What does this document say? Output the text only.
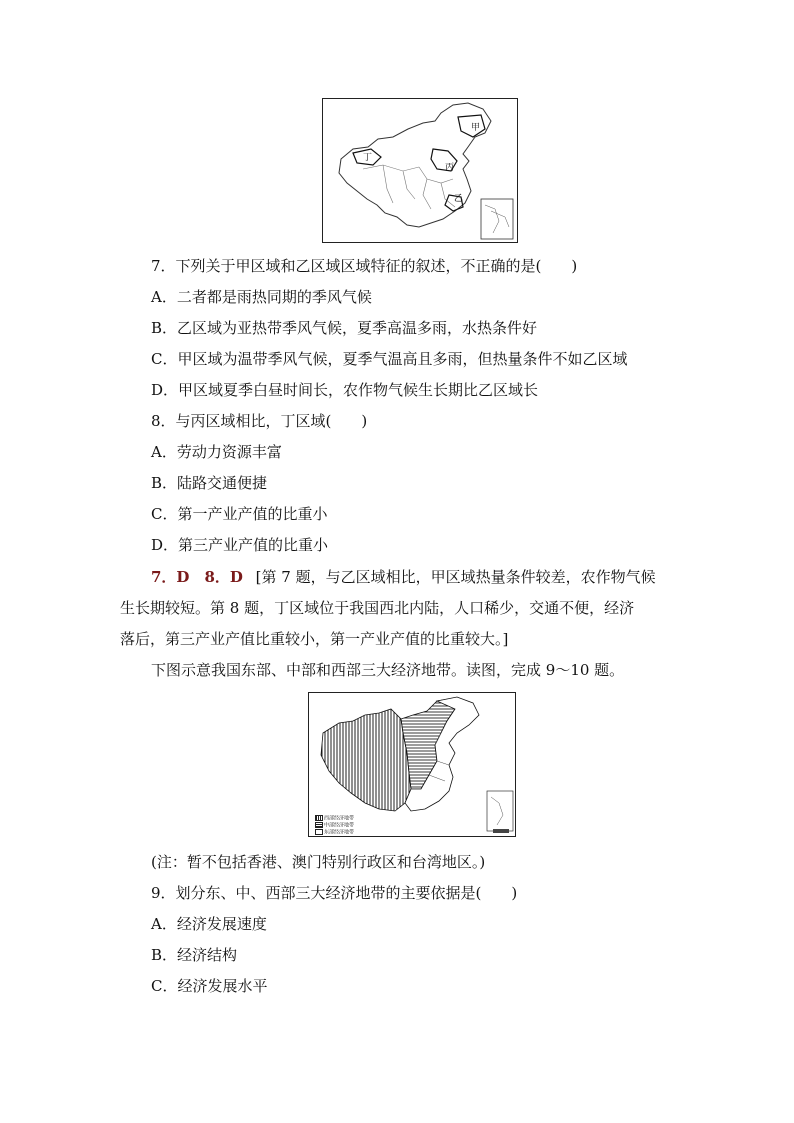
甲
乙
丙
丁
7．下列关于甲区域和乙区域区域特征的叙述，不正确的是(　　)
A．二者都是雨热同期的季风气候
B．乙区域为亚热带季风气候，夏季高温多雨，水热条件好
C．甲区域为温带季风气候，夏季气温高且多雨，但热量条件不如乙区域
D．甲区域夏季白昼时间长，农作物气候生长期比乙区域长
8．与丙区域相比，丁区域(　　)
A．劳动力资源丰富
B．陆路交通便捷
C．第一产业产值的比重小
D．第三产业产值的比重小
7．D　8．D [第 7 题，与乙区域相比，甲区域热量条件较差，农作物气候
生长期较短。第 8 题，丁区域位于我国西北内陆，人口稀少，交通不便，经济
落后，第三产业产值比重较小，第一产业产值的比重较大。]
下图示意我国东部、中部和西部三大经济地带。读图，完成 9～10 题。
西部经济地带
中部经济地带
东部经济地带
(注：暂不包括香港、澳门特别行政区和台湾地区。)
9．划分东、中、西部三大经济地带的主要依据是(　　)
A．经济发展速度
B．经济结构
C．经济发展水平
